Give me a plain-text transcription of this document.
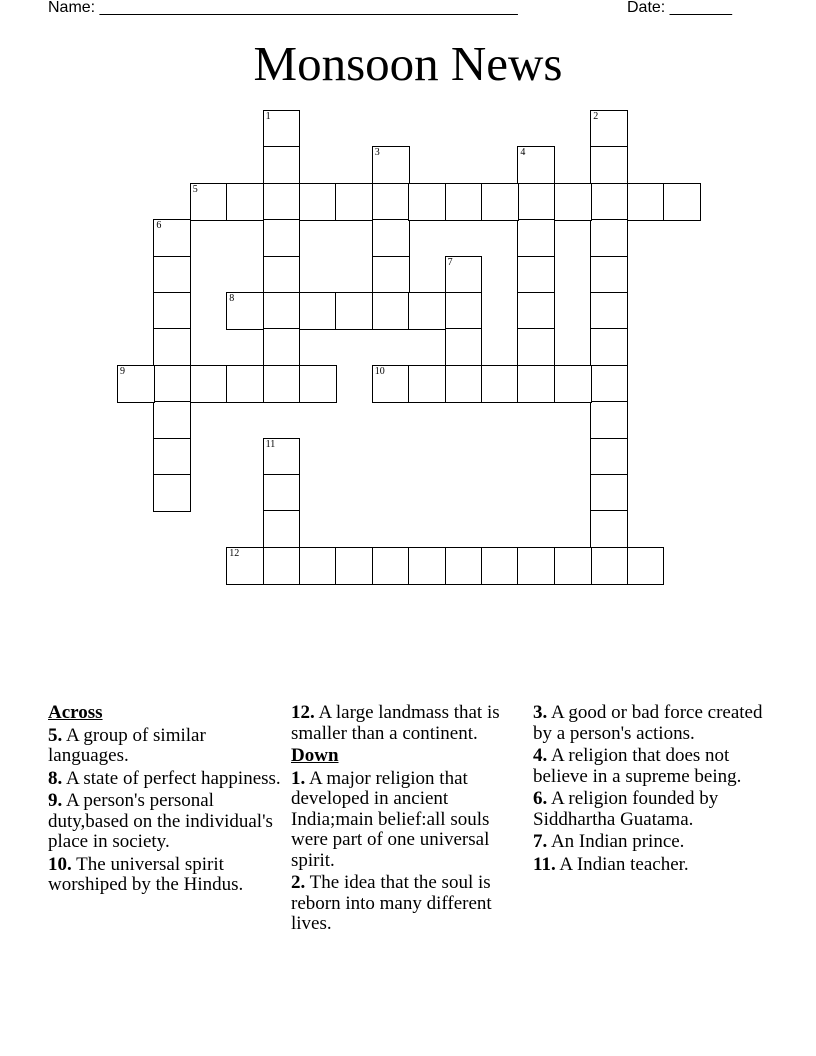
Name: _______________________________________________	Date: _______
Monsoon News
1	2
3	4
5
6
7
8
9	10
11
12
Across
5. A group of similar languages.
8. A state of perfect happiness.
9. A person's personal duty,based on the individual's place in society.
10. The universal spirit worshiped by the Hindus.
12. A large landmass that is smaller than a continent.
Down
1. A major religion that developed in ancient India;main belief:all souls were part of one universal spirit.
2. The idea that the soul is reborn into many different lives.
3. A good or bad force created by a person's actions.
4. A religion that does not believe in a supreme being.
6. A religion founded by Siddhartha Guatama.
7. An Indian prince.
11. A Indian teacher.
